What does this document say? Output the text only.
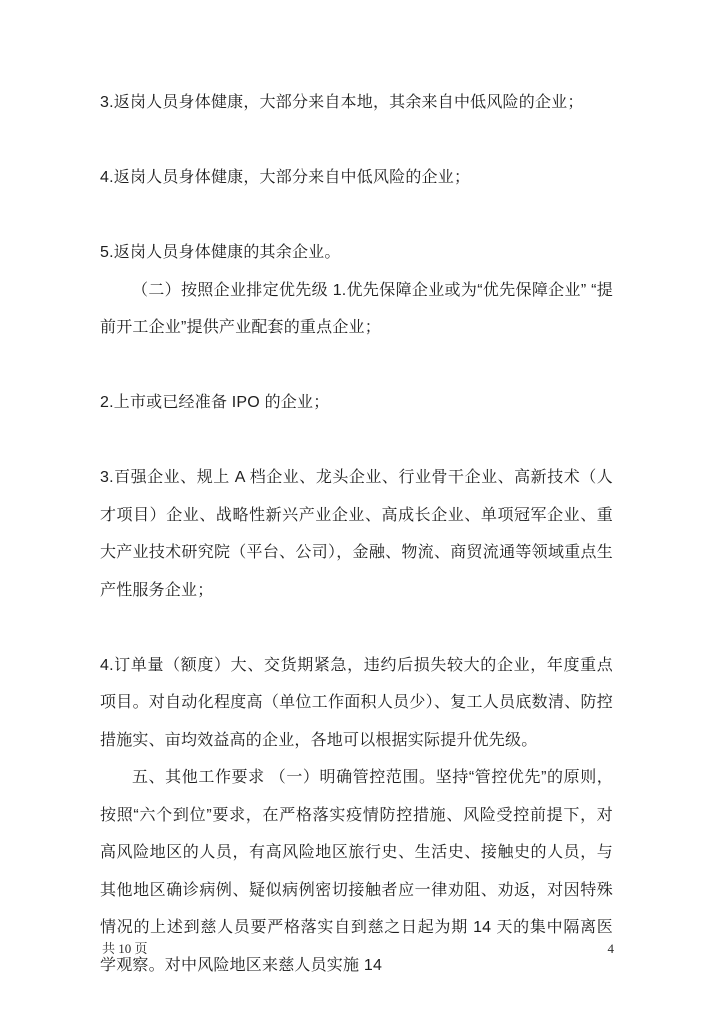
3.返岗人员身体健康，大部分来自本地，其余来自中低风险的企业；

4.返岗人员身体健康，大部分来自中低风险的企业；

5.返岗人员身体健康的其余企业。

（二）按照企业排定优先级 1.优先保障企业或为“优先保障企业” “提前开工企业”提供产业配套的重点企业；

2.上市或已经准备 IPO 的企业；

3.百强企业、规上 A 档企业、龙头企业、行业骨干企业、高新技术（人才项目）企业、战略性新兴产业企业、高成长企业、单项冠军企业、重大产业技术研究院（平台、公司），金融、物流、商贸流通等领域重点生产性服务企业；

4.订单量（额度）大、交货期紧急，违约后损失较大的企业，年度重点项目。对自动化程度高（单位工作面积人员少）、复工人员底数清、防控措施实、亩均效益高的企业，各地可以根据实际提升优先级。

五、其他工作要求 （一）明确管控范围。坚持“管控优先”的原则，按照“六个到位”要求，在严格落实疫情防控措施、风险受控前提下，对高风险地区的人员，有高风险地区旅行史、生活史、接触史的人员，与其他地区确诊病例、疑似病例密切接触者应一律劝阻、劝返，对因特殊情况的上述到慈人员要严格落实自到慈之日起为期 14 天的集中隔离医学观察。对中风险地区来慈人员实施 14

共 10 页	4
